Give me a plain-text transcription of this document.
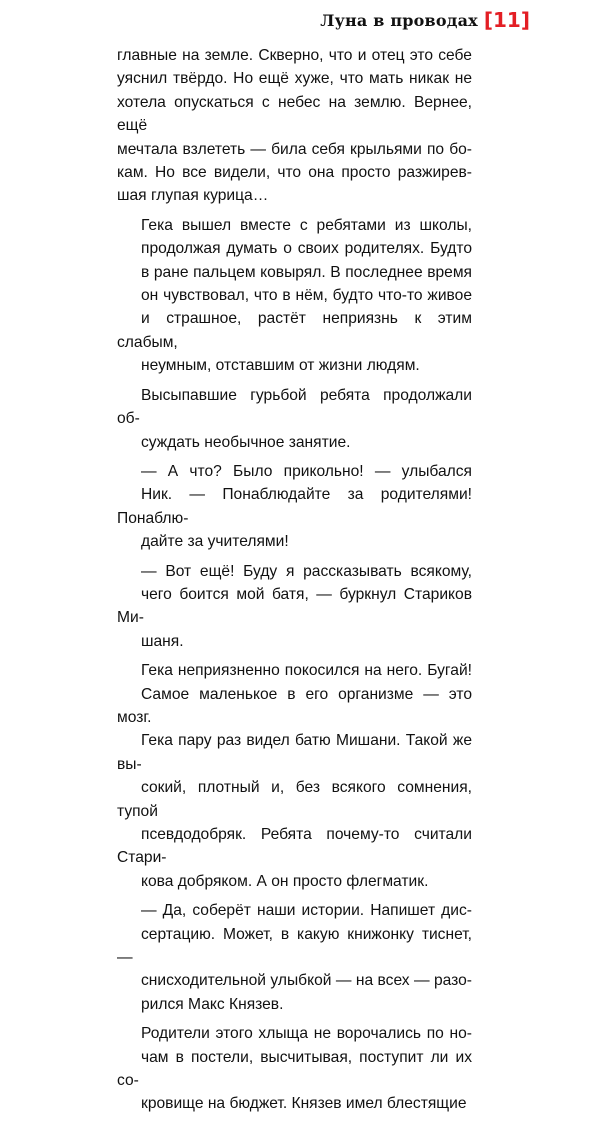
Луна в проводах [11]
главные на земле. Скверно, что и отец это себе
уяснил твёрдо. Но ещё хуже, что мать никак не
хотела опускаться с небес на землю. Вернее, ещё
мечтала взлететь — била себя крыльями по бо-
кам. Но все видели, что она просто разжирев-
шая глупая курица…
Гека вышел вместе с ребятами из школы,
продолжая думать о своих родителях. Будто
в ране пальцем ковырял. В последнее время
он чувствовал, что в нём, будто что-то живое
и страшное, растёт неприязнь к этим слабым,
неумным, отставшим от жизни людям.
Высыпавшие гурьбой ребята продолжали об-
суждать необычное занятие.
— А что? Было прикольно! — улыбался
Ник. — Понаблюдайте за родителями! Понаблю-
дайте за учителями!
— Вот ещё! Буду я рассказывать всякому,
чего боится мой батя, — буркнул Стариков Ми-
шаня.
Гека неприязненно покосился на него. Бугай!
Самое маленькое в его организме — это мозг.
Гека пару раз видел батю Мишани. Такой же вы-
сокий, плотный и, без всякого сомнения, тупой
псевдодобряк. Ребята почему-то считали Стари-
кова добряком. А он просто флегматик.
— Да, соберёт наши истории. Напишет дис-
сертацию. Может, в какую книжонку тиснет, —
снисходительной улыбкой — на всех — разо-
рился Макс Князев.
Родители этого хлыща не ворочались по но-
чам в постели, высчитывая, поступит ли их со-
кровище на бюджет. Князев имел блестящие
